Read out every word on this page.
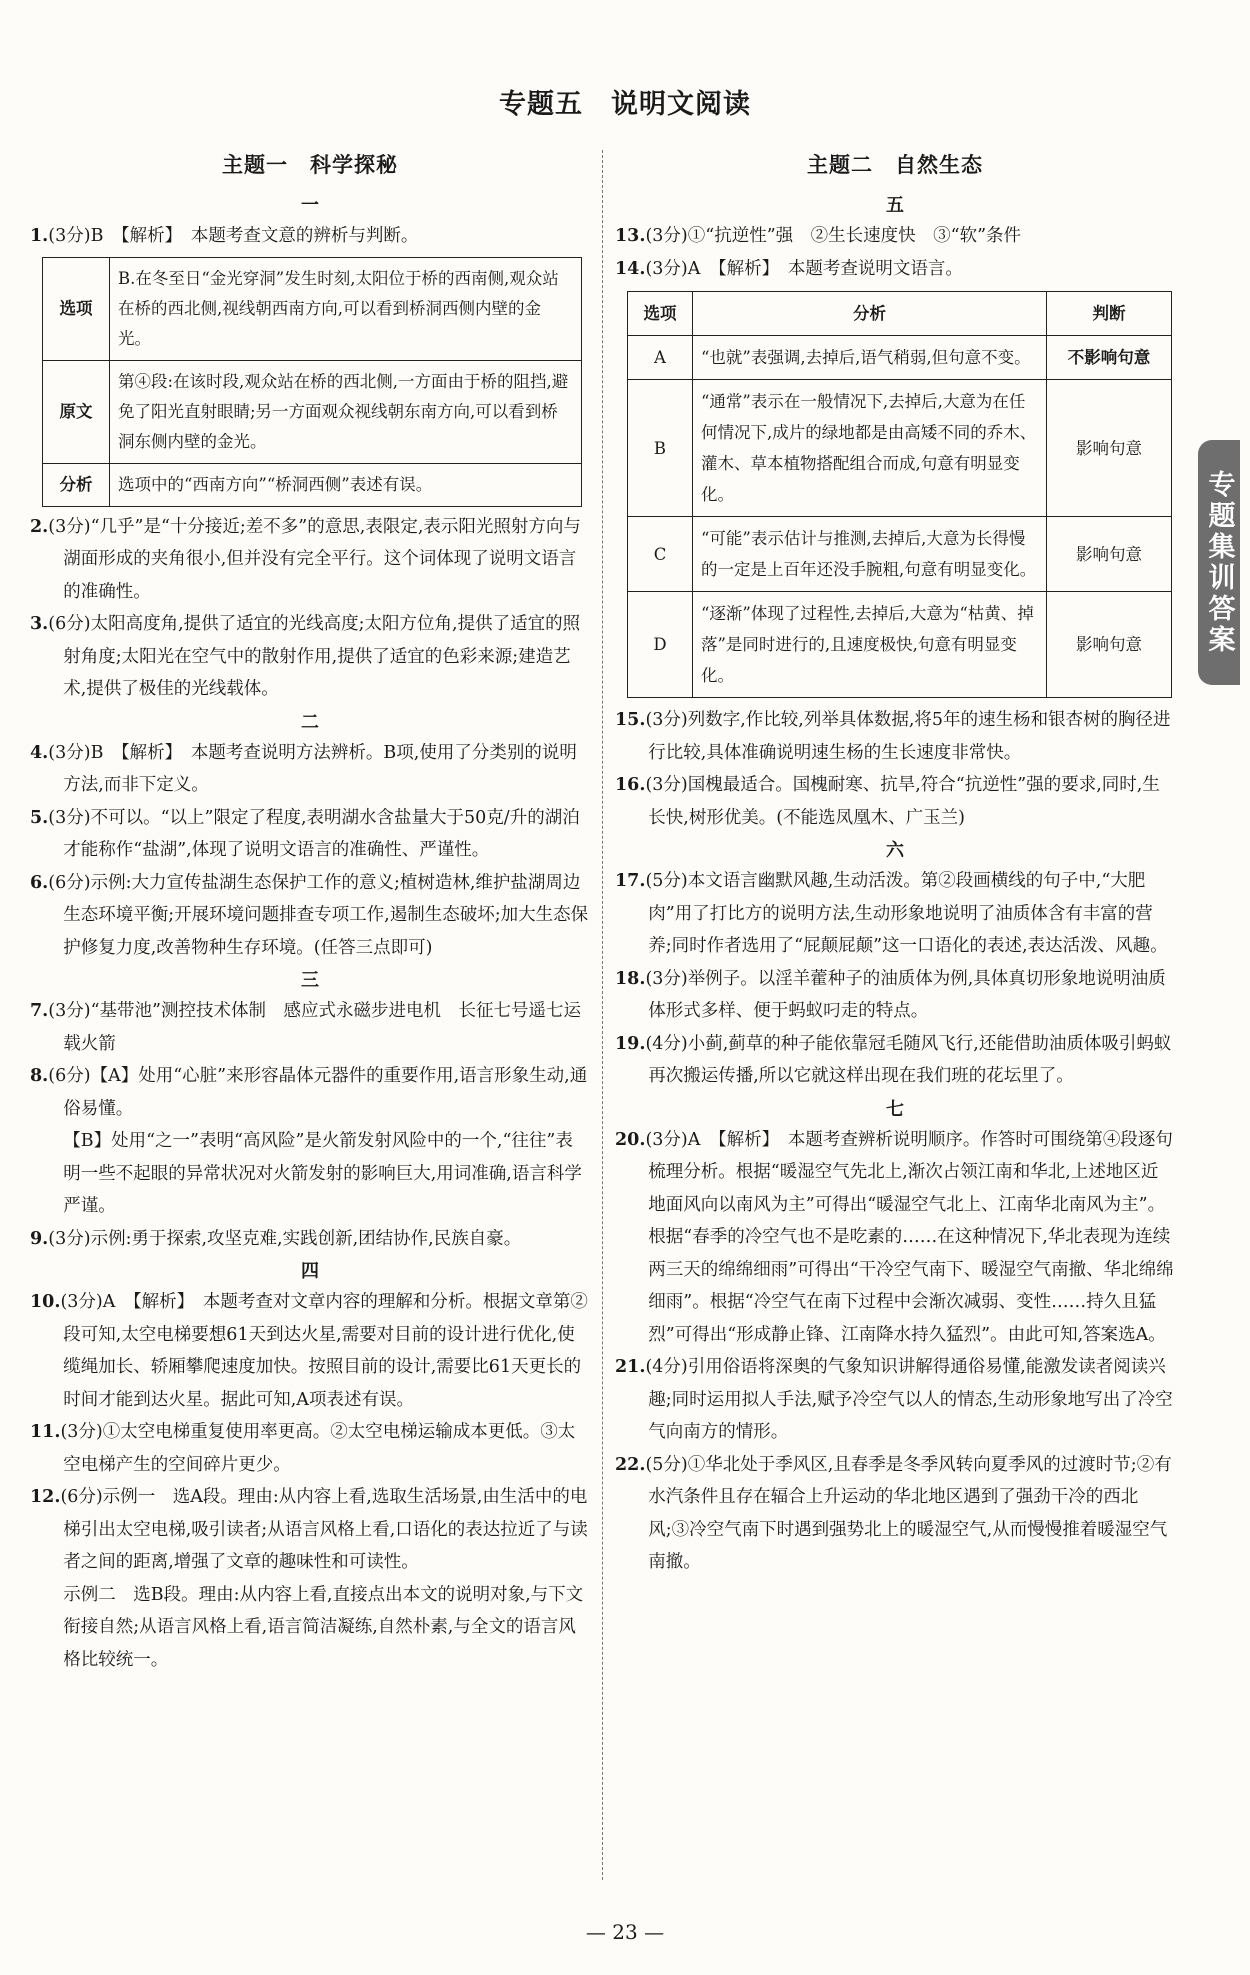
专题五　说明文阅读
主题一　科学探秘
一

1.(3分)B　【解析】　本题考查文意的辨析与判断。

选项	B.在冬至日“金光穿洞”发生时刻,太阳位于桥的西南侧,观众站在桥的西北侧,视线朝西南方向,可以看到桥洞西侧内壁的金光。
原文	第④段:在该时段,观众站在桥的西北侧,一方面由于桥的阻挡,避免了阳光直射眼睛;另一方面观众视线朝东南方向,可以看到桥洞东侧内壁的金光。
分析	选项中的“西南方向”“桥洞西侧”表述有误。

2.(3分)“几乎”是“十分接近;差不多”的意思,表限定,表示阳光照射方向与湖面形成的夹角很小,但并没有完全平行。这个词体现了说明文语言的准确性。

3.(6分)太阳高度角,提供了适宜的光线高度;太阳方位角,提供了适宜的照射角度;太阳光在空气中的散射作用,提供了适宜的色彩来源;建造艺术,提供了极佳的光线载体。

二

4.(3分)B　【解析】　本题考查说明方法辨析。B项,使用了分类别的说明方法,而非下定义。

5.(3分)不可以。“以上”限定了程度,表明湖水含盐量大于50克/升的湖泊才能称作“盐湖”,体现了说明文语言的准确性、严谨性。

6.(6分)示例:大力宣传盐湖生态保护工作的意义;植树造林,维护盐湖周边生态环境平衡;开展环境问题排查专项工作,遏制生态破坏;加大生态保护修复力度,改善物种生存环境。(任答三点即可)

三

7.(3分)“基带池”测控技术体制　感应式永磁步进电机　长征七号遥七运载火箭

8.(6分)【A】处用“心脏”来形容晶体元器件的重要作用,语言形象生动,通俗易懂。

【B】处用“之一”表明“高风险”是火箭发射风险中的一个,“往往”表明一些不起眼的异常状况对火箭发射的影响巨大,用词准确,语言科学严谨。

9.(3分)示例:勇于探索,攻坚克难,实践创新,团结协作,民族自豪。

四

10.(3分)A　【解析】　本题考查对文章内容的理解和分析。根据文章第②段可知,太空电梯要想61天到达火星,需要对目前的设计进行优化,使缆绳加长、轿厢攀爬速度加快。按照目前的设计,需要比61天更长的时间才能到达火星。据此可知,A项表述有误。

11.(3分)①太空电梯重复使用率更高。②太空电梯运输成本更低。③太空电梯产生的空间碎片更少。

12.(6分)示例一　选A段。理由:从内容上看,选取生活场景,由生活中的电梯引出太空电梯,吸引读者;从语言风格上看,口语化的表达拉近了与读者之间的距离,增强了文章的趣味性和可读性。

示例二　选B段。理由:从内容上看,直接点出本文的说明对象,与下文衔接自然;从语言风格上看,语言简洁凝练,自然朴素,与全文的语言风格比较统一。

主题二　自然生态
五

13.(3分)①“抗逆性”强　②生长速度快　③“软”条件

14.(3分)A　【解析】　本题考查说明文语言。

选项	分析	判断
A	“也就”表强调,去掉后,语气稍弱,但句意不变。	不影响句意
B	“通常”表示在一般情况下,去掉后,大意为在任何情况下,成片的绿地都是由高矮不同的乔木、灌木、草本植物搭配组合而成,句意有明显变化。	影响句意
C	“可能”表示估计与推测,去掉后,大意为长得慢的一定是上百年还没手腕粗,句意有明显变化。	影响句意
D	“逐渐”体现了过程性,去掉后,大意为“枯黄、掉落”是同时进行的,且速度极快,句意有明显变化。	影响句意

15.(3分)列数字,作比较,列举具体数据,将5年的速生杨和银杏树的胸径进行比较,具体准确说明速生杨的生长速度非常快。

16.(3分)国槐最适合。国槐耐寒、抗旱,符合“抗逆性”强的要求,同时,生长快,树形优美。(不能选凤凰木、广玉兰)

六

17.(5分)本文语言幽默风趣,生动活泼。第②段画横线的句子中,“大肥肉”用了打比方的说明方法,生动形象地说明了油质体含有丰富的营养;同时作者选用了“屁颠屁颠”这一口语化的表述,表达活泼、风趣。

18.(3分)举例子。以淫羊藿种子的油质体为例,具体真切形象地说明油质体形式多样、便于蚂蚁叼走的特点。

19.(4分)小蓟,蓟草的种子能依靠冠毛随风飞行,还能借助油质体吸引蚂蚁再次搬运传播,所以它就这样出现在我们班的花坛里了。

七

20.(3分)A　【解析】　本题考查辨析说明顺序。作答时可围绕第④段逐句梳理分析。根据“暖湿空气先北上,渐次占领江南和华北,上述地区近地面风向以南风为主”可得出“暖湿空气北上、江南华北南风为主”。根据“春季的冷空气也不是吃素的……在这种情况下,华北表现为连续两三天的绵绵细雨”可得出“干冷空气南下、暖湿空气南撤、华北绵绵细雨”。根据“冷空气在南下过程中会渐次减弱、变性……持久且猛烈”可得出“形成静止锋、江南降水持久猛烈”。由此可知,答案选A。

21.(4分)引用俗语将深奥的气象知识讲解得通俗易懂,能激发读者阅读兴趣;同时运用拟人手法,赋予冷空气以人的情态,生动形象地写出了冷空气向南方的情形。

22.(5分)①华北处于季风区,且春季是冬季风转向夏季风的过渡时节;②有水汽条件且存在辐合上升运动的华北地区遇到了强劲干冷的西北风;③冷空气南下时遇到强势北上的暖湿空气,从而慢慢推着暖湿空气南撤。

专题集训答案
— 23 —
